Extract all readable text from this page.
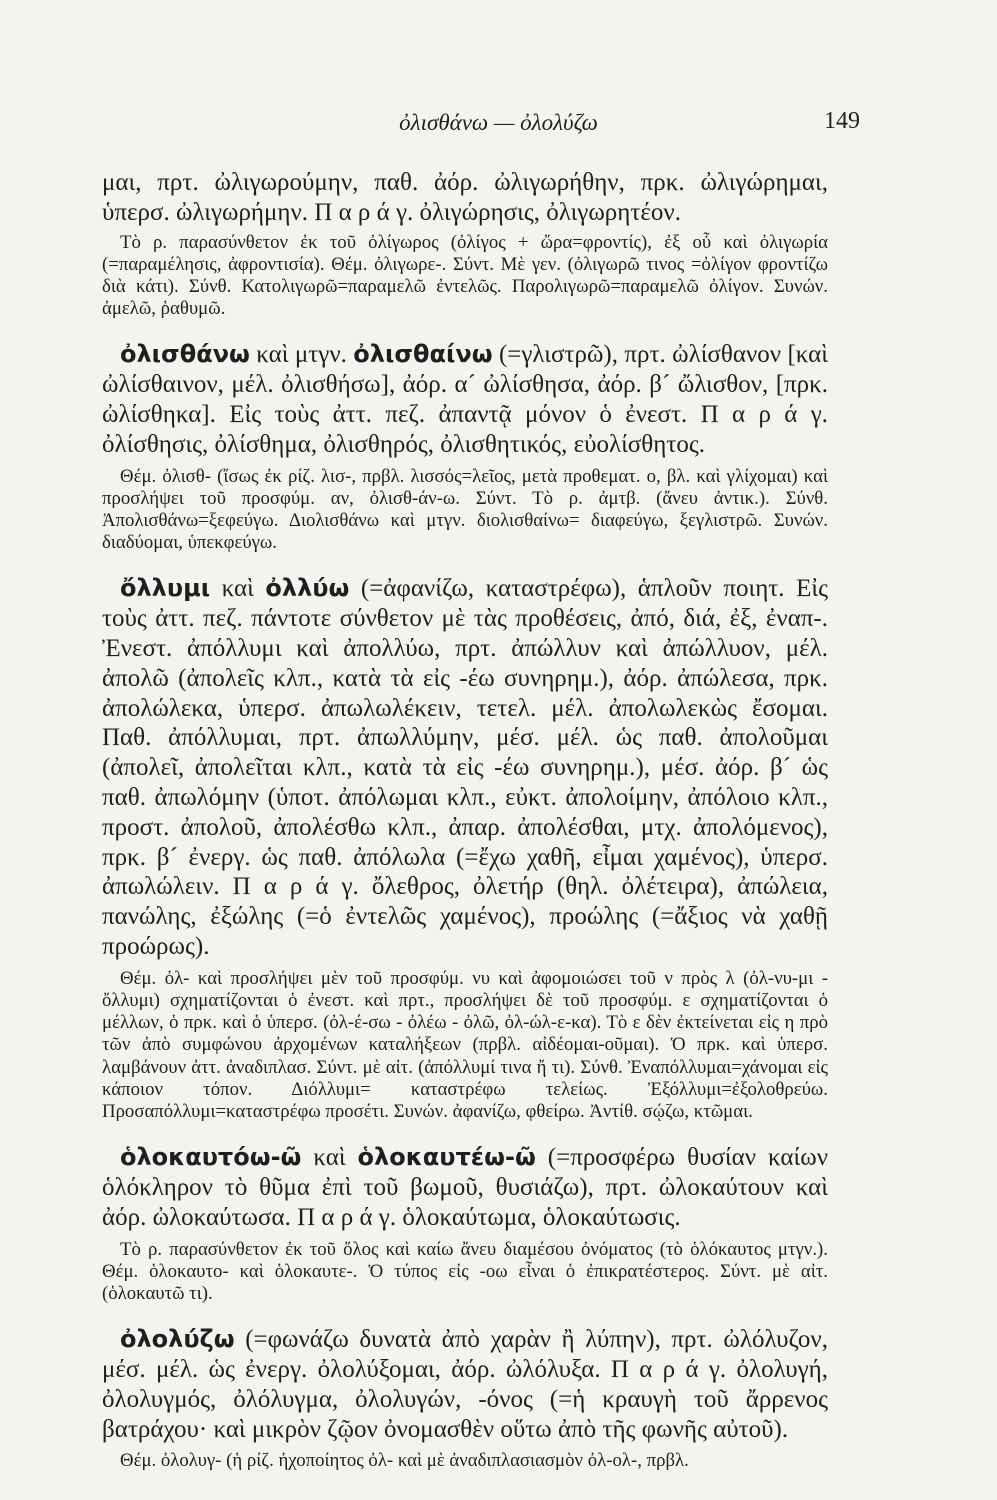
ὀλισθάνω — ὀλολύζω	149

μαι, πρτ. ὠλιγωρούμην, παθ. ἀόρ. ὠλιγωρήθην, πρκ. ὠλιγώρημαι, ὑπερσ. ὠλιγωρήμην. Π α ρ ά γ. ὀλιγώρησις, ὀλιγωρητέον.

Τὸ ρ. παρασύνθετον ἐκ τοῦ ὀλίγωρος (ὀλίγος + ὤρα=φροντίς), ἐξ οὗ καὶ ὀλιγωρία (=παραμέλησις, ἀφροντισία). Θέμ. ὀλιγωρε-. Σύντ. Μὲ γεν. (ὀλιγωρῶ τινος =ὀλίγον φροντίζω διὰ κάτι). Σύνθ. Κατολιγωρῶ=παραμελῶ ἐντελῶς. Παρολιγωρῶ=παραμελῶ ὀλίγον. Συνών. ἀμελῶ, ῥαθυμῶ.

ὀλισθάνω καὶ μτγν. ὀλισθαίνω (=γλιστρῶ), πρτ. ὠλίσθανον [καὶ ὠλίσθαινον, μέλ. ὀλισθήσω], ἀόρ. α´ ὠλίσθησα, ἀόρ. β´ ὤλισθον, [πρκ. ὠλίσθηκα]. Εἰς τοὺς ἀττ. πεζ. ἀπαντᾷ μόνον ὁ ἐνεστ. Π α ρ ά γ. ὀλίσθησις, ὀλίσθημα, ὀλισθηρός, ὀλισθητικός, εὐολίσθητος.

Θέμ. ὀλισθ- (ἴσως ἐκ ρίζ. λισ-, πρβλ. λισσός=λεῖος, μετὰ προθεματ. ο, βλ. καὶ γλίχομαι) καὶ προσλήψει τοῦ προσφύμ. αν, ὀλισθ-άν-ω. Σύντ. Τὸ ρ. ἀμτβ. (ἄνευ ἀντικ.). Σύνθ. Ἀπολισθάνω=ξεφεύγω. Διολισθάνω καὶ μτγν. διολισθαίνω= διαφεύγω, ξεγλιστρῶ. Συνών. διαδύομαι, ὑπεκφεύγω.

ὄλλυμι καὶ ὀλλύω (=ἀφανίζω, καταστρέφω), ἁπλοῦν ποιητ. Εἰς τοὺς ἀττ. πεζ. πάντοτε σύνθετον μὲ τὰς προθέσεις, ἀπό, διά, ἐξ, ἐναπ-. Ἐνεστ. ἀπόλλυμι καὶ ἀπολλύω, πρτ. ἀπώλλυν καὶ ἀπώλλυον, μέλ. ἀπολῶ (ἀπολεῖς κλπ., κατὰ τὰ εἰς -έω συνηρημ.), ἀόρ. ἀπώλεσα, πρκ. ἀπολώλεκα, ὑπερσ. ἀπωλωλέκειν, τετελ. μέλ. ἀπολωλεκὼς ἔσομαι. Παθ. ἀπόλλυμαι, πρτ. ἀπωλλύμην, μέσ. μέλ. ὡς παθ. ἀπολοῦμαι (ἀπολεῖ, ἀπολεῖται κλπ., κατὰ τὰ εἰς -έω συνηρημ.), μέσ. ἀόρ. β´ ὡς παθ. ἀπωλόμην (ὑποτ. ἀπόλωμαι κλπ., εὐκτ. ἀπολοίμην, ἀπόλοιο κλπ., προστ. ἀπολοῦ, ἀπολέσθω κλπ., ἀπαρ. ἀπολέσθαι, μτχ. ἀπολόμενος), πρκ. β´ ἐνεργ. ὡς παθ. ἀπόλωλα (=ἔχω χαθῆ, εἶμαι χαμένος), ὑπερσ. ἀπωλώλειν. Π α ρ ά γ. ὄλεθρος, ὀλετήρ (θηλ. ὀλέτειρα), ἀπώλεια, πανώλης, ἐξώλης (=ὁ ἐντελῶς χαμένος), προώλης (=ἄξιος νὰ χαθῇ προώρως).

Θέμ. ὀλ- καὶ προσλήψει μὲν τοῦ προσφύμ. νυ καὶ ἀφομοιώσει τοῦ ν πρὸς λ (ὀλ-νυ-μι - ὄλλυμι) σχηματίζονται ὁ ἐνεστ. καὶ πρτ., προσλήψει δὲ τοῦ προσφύμ. ε σχηματίζονται ὁ μέλλων, ὁ πρκ. καὶ ὁ ὑπερσ. (ὀλ-έ-σω - ὀλέω - ὀλῶ, ὀλ-ώλ-ε-κα). Τὸ ε δὲν ἐκτείνεται εἰς η πρὸ τῶν ἀπὸ συμφώνου ἀρχομένων καταλήξεων (πρβλ. αἰδέομαι-οῦμαι). Ὁ πρκ. καὶ ὑπερσ. λαμβάνουν ἀττ. ἀναδιπλασ. Σύντ. μὲ αἰτ. (ἀπόλλυμί τινα ἤ τι). Σύνθ. Ἐναπόλλυμαι=χάνομαι εἰς κάποιον τόπον. Διόλλυμι= καταστρέφω τελείως. Ἐξόλλυμι=ἐξολοθρεύω. Προσαπόλλυμι=καταστρέφω προσέτι. Συνών. ἀφανίζω, φθείρω. Ἀντίθ. σῴζω, κτῶμαι.

ὁλοκαυτόω-ῶ καὶ ὁλοκαυτέω-ῶ (=προσφέρω θυσίαν καίων ὁλόκληρον τὸ θῦμα ἐπὶ τοῦ βωμοῦ, θυσιάζω), πρτ. ὠλοκαύτουν καὶ ἀόρ. ὠλοκαύτωσα. Π α ρ ά γ. ὁλοκαύτωμα, ὁλοκαύτωσις.

Τὸ ρ. παρασύνθετον ἐκ τοῦ ὅλος καὶ καίω ἄνευ διαμέσου ὀνόματος (τὸ ὁλόκαυτος μτγν.). Θέμ. ὁλοκαυτο- καὶ ὁλοκαυτε-. Ὁ τύπος εἰς -οω εἶναι ὁ ἐπικρατέστερος. Σύντ. μὲ αἰτ. (ὁλοκαυτῶ τι).

ὀλολύζω (=φωνάζω δυνατὰ ἀπὸ χαρὰν ἢ λύπην), πρτ. ὠλόλυζον, μέσ. μέλ. ὡς ἐνεργ. ὀλολύξομαι, ἀόρ. ὠλόλυξα. Π α ρ ά γ. ὀλολυγή, ὀλολυγμός, ὀλόλυγμα, ὀλολυγών, -όνος (=ἡ κραυγὴ τοῦ ἄρρενος βατράχου· καὶ μικρὸν ζῷον ὀνομασθὲν οὕτω ἀπὸ τῆς φωνῆς αὐτοῦ).

Θέμ. ὀλολυγ- (ἡ ρίζ. ἠχοποίητος ὀλ- καὶ μὲ ἀναδιπλασιασμὸν ὀλ-ολ-, πρβλ.
